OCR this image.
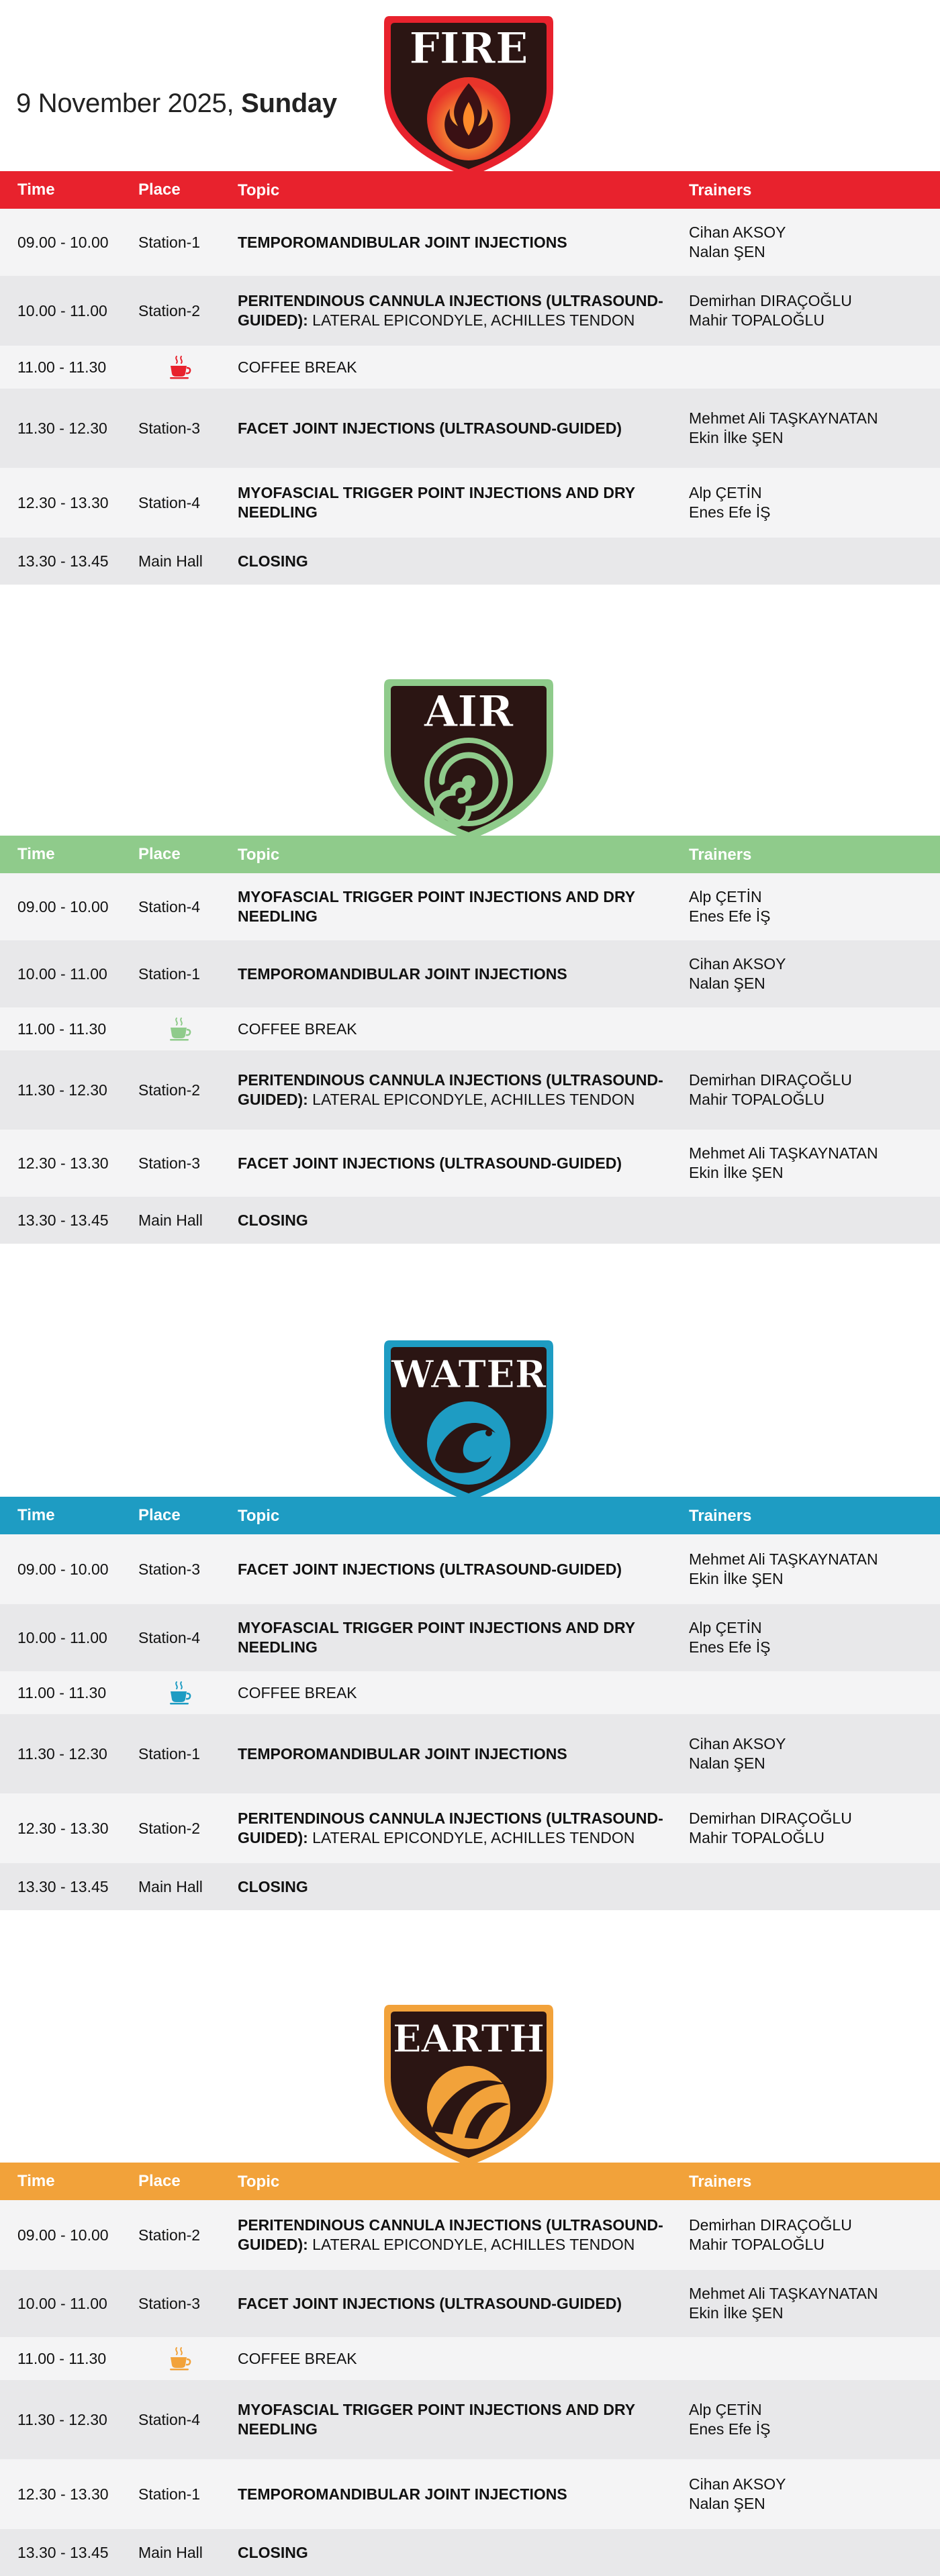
9 November 2025, Sunday
FIRE
Time	Place	Topic	Trainers
09.00 - 10.00	Station-1	TEMPOROMANDIBULAR JOINT INJECTIONS
Cihan AKSOY
Nalan ŞEN
10.00 - 11.00	Station-2
PERITENDINOUS CANNULA INJECTIONS (ULTRASOUND-GUIDED): LATERAL EPICONDYLE, ACHILLES TENDON
Demirhan DIRAÇOĞLU
Mahir TOPALOĞLU
11.00 - 11.30	COFFEE BREAK
11.30 - 12.30	Station-3	FACET JOINT INJECTIONS (ULTRASOUND-GUIDED)
Mehmet Ali TAŞKAYNATAN
Ekin İlke ŞEN
12.30 - 13.30	Station-4
MYOFASCIAL TRIGGER POINT INJECTIONS AND DRY NEEDLING
Alp ÇETİN
Enes Efe İŞ
13.30 - 13.45	Main Hall	CLOSING
AIR
Time	Place	Topic	Trainers
09.00 - 10.00	Station-4
MYOFASCIAL TRIGGER POINT INJECTIONS AND DRY NEEDLING
Alp ÇETİN
Enes Efe İŞ
10.00 - 11.00	Station-1	TEMPOROMANDIBULAR JOINT INJECTIONS
Cihan AKSOY
Nalan ŞEN
11.00 - 11.30	COFFEE BREAK
11.30 - 12.30	Station-2
PERITENDINOUS CANNULA INJECTIONS (ULTRASOUND-GUIDED): LATERAL EPICONDYLE, ACHILLES TENDON
Demirhan DIRAÇOĞLU
Mahir TOPALOĞLU
12.30 - 13.30	Station-3	FACET JOINT INJECTIONS (ULTRASOUND-GUIDED)
Mehmet Ali TAŞKAYNATAN
Ekin İlke ŞEN
13.30 - 13.45	Main Hall	CLOSING
WATER
Time	Place	Topic	Trainers
09.00 - 10.00	Station-3	FACET JOINT INJECTIONS (ULTRASOUND-GUIDED)
Mehmet Ali TAŞKAYNATAN
Ekin İlke ŞEN
10.00 - 11.00	Station-4
MYOFASCIAL TRIGGER POINT INJECTIONS AND DRY NEEDLING
Alp ÇETİN
Enes Efe İŞ
11.00 - 11.30	COFFEE BREAK
11.30 - 12.30	Station-1	TEMPOROMANDIBULAR JOINT INJECTIONS
Cihan AKSOY
Nalan ŞEN
12.30 - 13.30	Station-2
PERITENDINOUS CANNULA INJECTIONS (ULTRASOUND-GUIDED): LATERAL EPICONDYLE, ACHILLES TENDON
Demirhan DIRAÇOĞLU
Mahir TOPALOĞLU
13.30 - 13.45	Main Hall	CLOSING
EARTH
Time	Place	Topic	Trainers
09.00 - 10.00	Station-2
PERITENDINOUS CANNULA INJECTIONS (ULTRASOUND-GUIDED): LATERAL EPICONDYLE, ACHILLES TENDON
Demirhan DIRAÇOĞLU
Mahir TOPALOĞLU
10.00 - 11.00	Station-3	FACET JOINT INJECTIONS (ULTRASOUND-GUIDED)
Mehmet Ali TAŞKAYNATAN
Ekin İlke ŞEN
11.00 - 11.30	COFFEE BREAK
11.30 - 12.30	Station-4
MYOFASCIAL TRIGGER POINT INJECTIONS AND DRY NEEDLING
Alp ÇETİN
Enes Efe İŞ
12.30 - 13.30	Station-1	TEMPOROMANDIBULAR JOINT INJECTIONS
Cihan AKSOY
Nalan ŞEN
13.30 - 13.45	Main Hall	CLOSING
